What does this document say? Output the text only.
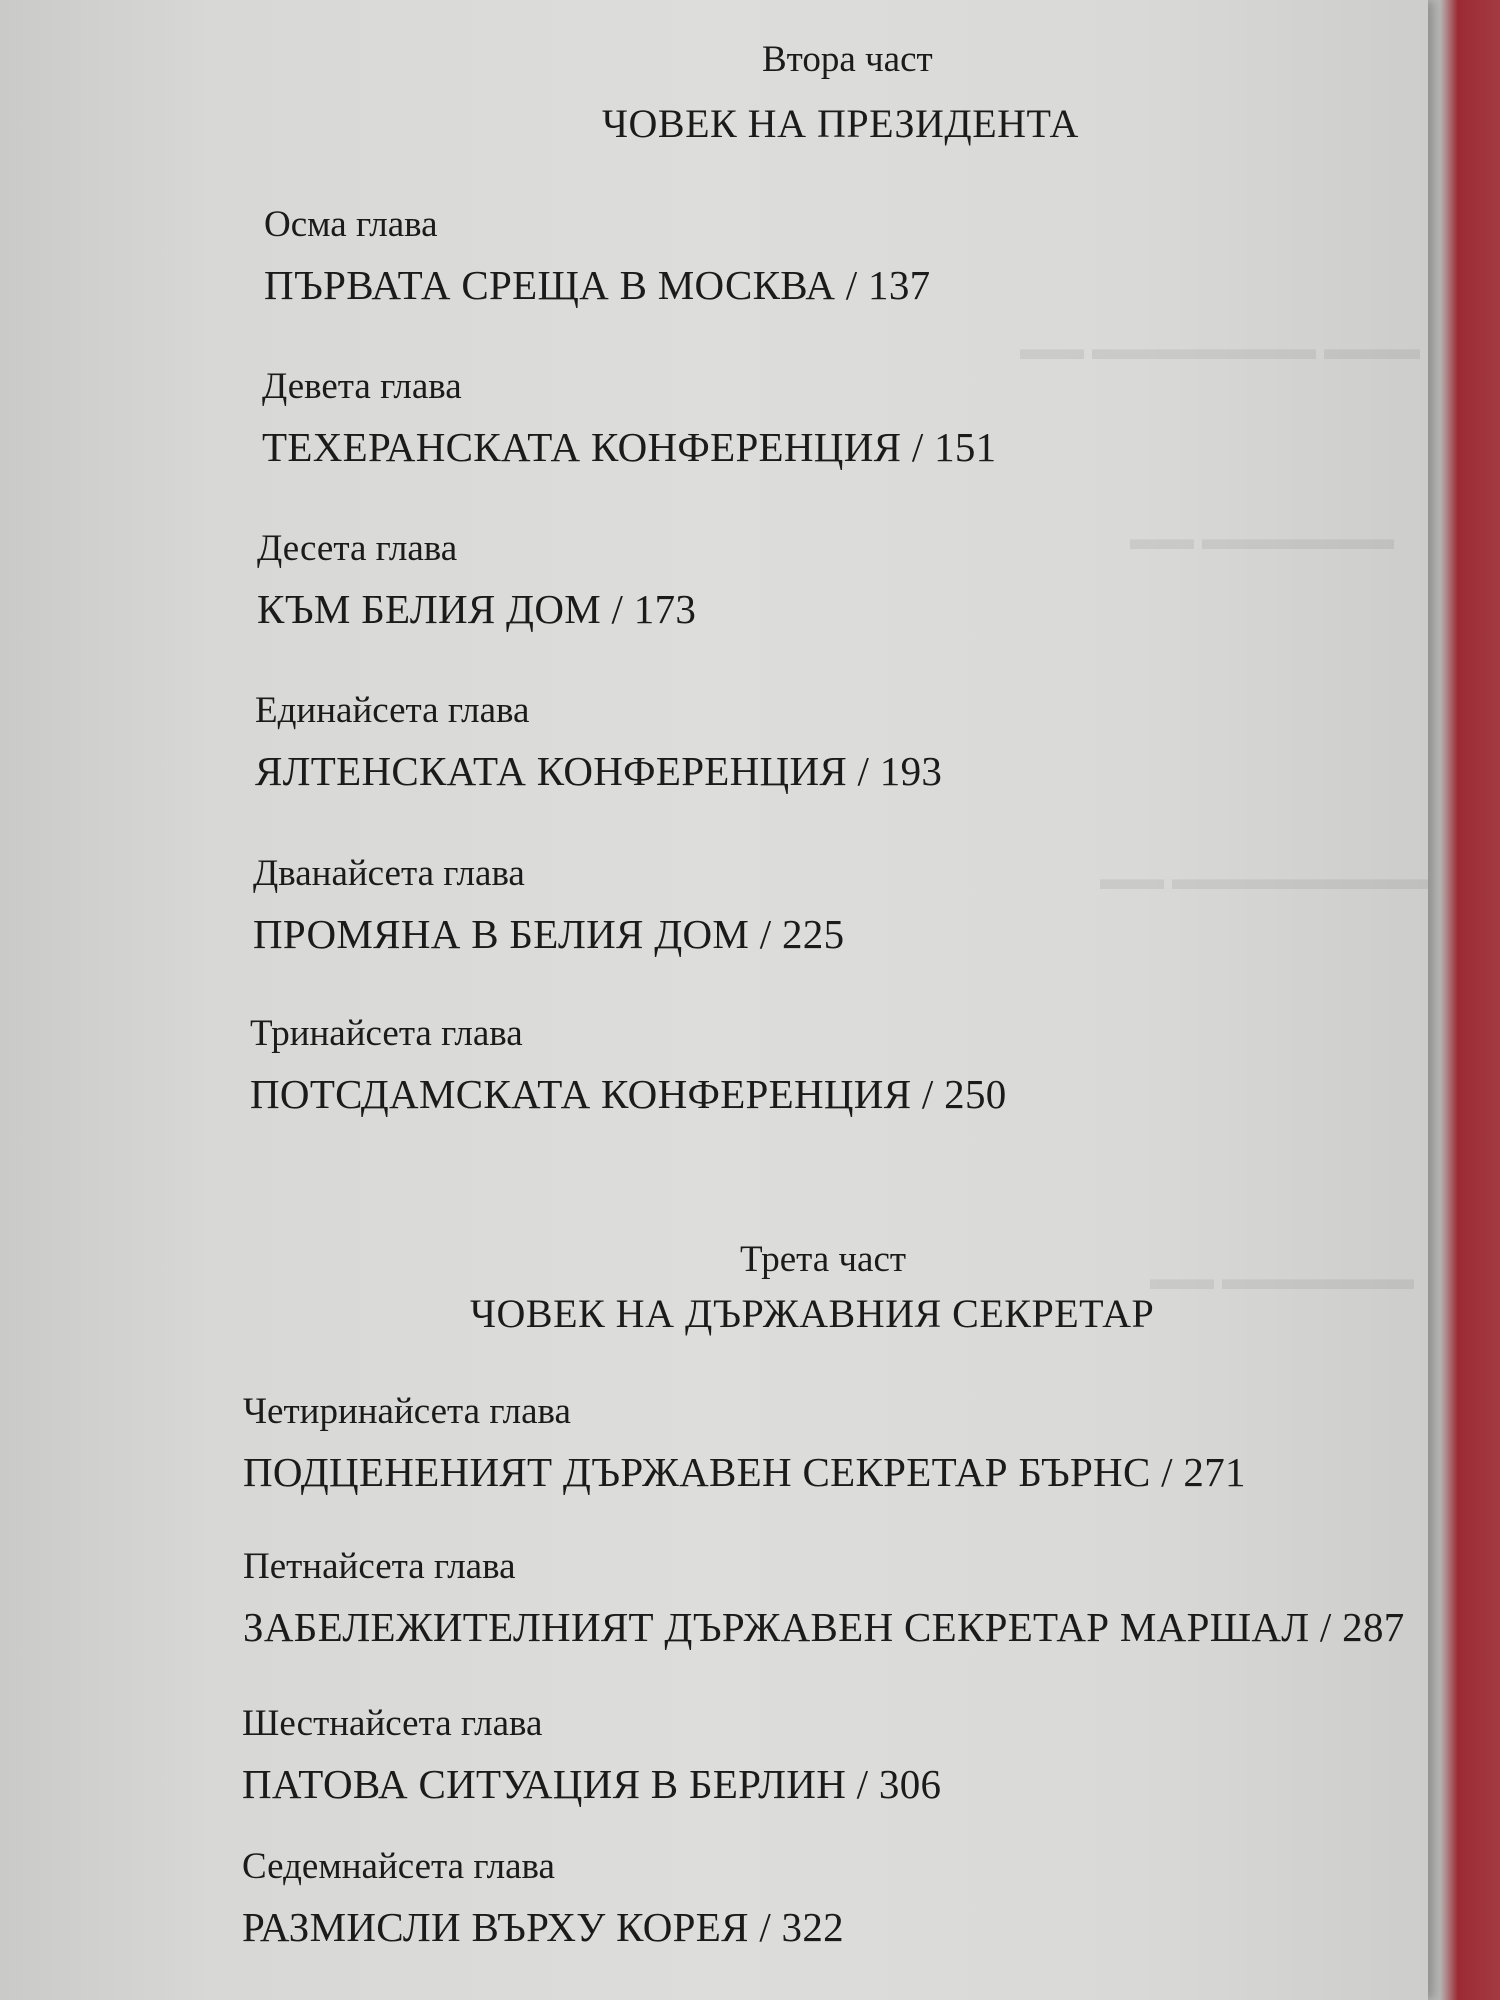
▬▬▬ ▬▬▬▬▬▬▬ ▬▬
▬▬▬▬▬▬ ▬▬
▬▬▬▬▬▬▬▬ ▬▬
▬▬▬▬▬▬ ▬▬
Втора част
ЧОВЕК НА ПРЕЗИДЕНТА
Осма глава
ПЪРВАТА СРЕЩА В МОСКВА / 137
Девета глава
ТЕХЕРАНСКАТА КОНФЕРЕНЦИЯ / 151
Десета глава
КЪМ БЕЛИЯ ДОМ / 173
Единайсета глава
ЯЛТЕНСКАТА КОНФЕРЕНЦИЯ / 193
Дванайсета глава
ПРОМЯНА В БЕЛИЯ ДОМ / 225
Тринайсета глава
ПОТСДАМСКАТА КОНФЕРЕНЦИЯ / 250
Трета част
ЧОВЕК НА ДЪРЖАВНИЯ СЕКРЕТАР
Четиринайсета глава
ПОДЦЕНЕНИЯТ ДЪРЖАВЕН СЕКРЕТАР БЪРНС / 271
Петнайсета глава
ЗАБЕЛЕЖИТЕЛНИЯТ ДЪРЖАВЕН СЕКРЕТАР МАРШАЛ / 287
Шестнайсета глава
ПАТОВА СИТУАЦИЯ В БЕРЛИН / 306
Седемнайсета глава
РАЗМИСЛИ ВЪРХУ КОРЕЯ / 322
